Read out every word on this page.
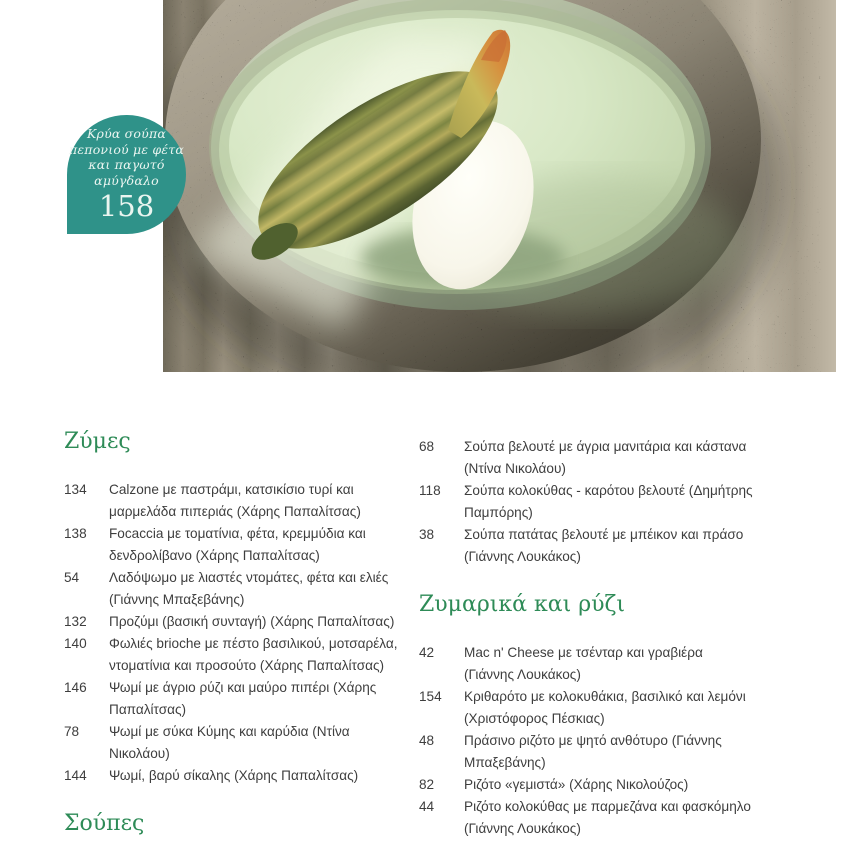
Κρύα σούπα
πεπονιού με φέτα
και παγωτό
αμύγδαλο
158
Ζύμες
134	Calzone με παστράμι, κατσικίσιο τυρί και μαρμελάδα πιπεριάς (Χάρης Παπαλίτσας)
138	Focaccia με τοματίνια, φέτα, κρεμμύδια και δενδρολίβανο (Χάρης Παπαλίτσας)
54	Λαδόψωμο με λιαστές ντομάτες, φέτα και ελιές (Γιάννης Μπαξεβάνης)
132	Προζύμι (βασική συνταγή) (Χάρης Παπαλίτσας)
140	Φωλιές brioche με πέστο βασιλικού, μοτσαρέλα, ντοματίνια και προσούτο (Χάρης Παπαλίτσας)
146	Ψωμί με άγριο ρύζι και μαύρο πιπέρι (Χάρης Παπαλίτσας)
78	Ψωμί με σύκα Κύμης και καρύδια (Ντίνα Νικολάου)
144	Ψωμί, βαρύ σίκαλης (Χάρης Παπαλίτσας)
Σούπες
68	Σούπα βελουτέ με άγρια μανιτάρια και κάστανα (Ντίνα Νικολάου)
118	Σούπα κολοκύθας - καρότου βελουτέ (Δημήτρης Παμπόρης)
38	Σούπα πατάτας βελουτέ με μπέικον και πράσο (Γιάννης Λουκάκος)
Ζυμαρικά και ρύζι
42	Mac n' Cheese με τσένταρ και γραβιέρα (Γιάννης Λουκάκος)
154	Κριθαρότο με κολοκυθάκια, βασιλικό και λεμόνι (Χριστόφορος Πέσκιας)
48	Πράσινο ριζότο με ψητό ανθότυρο (Γιάννης Μπαξεβάνης)
82	Ριζότο «γεμιστά» (Χάρης Νικολούζος)
44	Ριζότο κολοκύθας με παρμεζάνα και φασκόμηλο (Γιάννης Λουκάκος)
